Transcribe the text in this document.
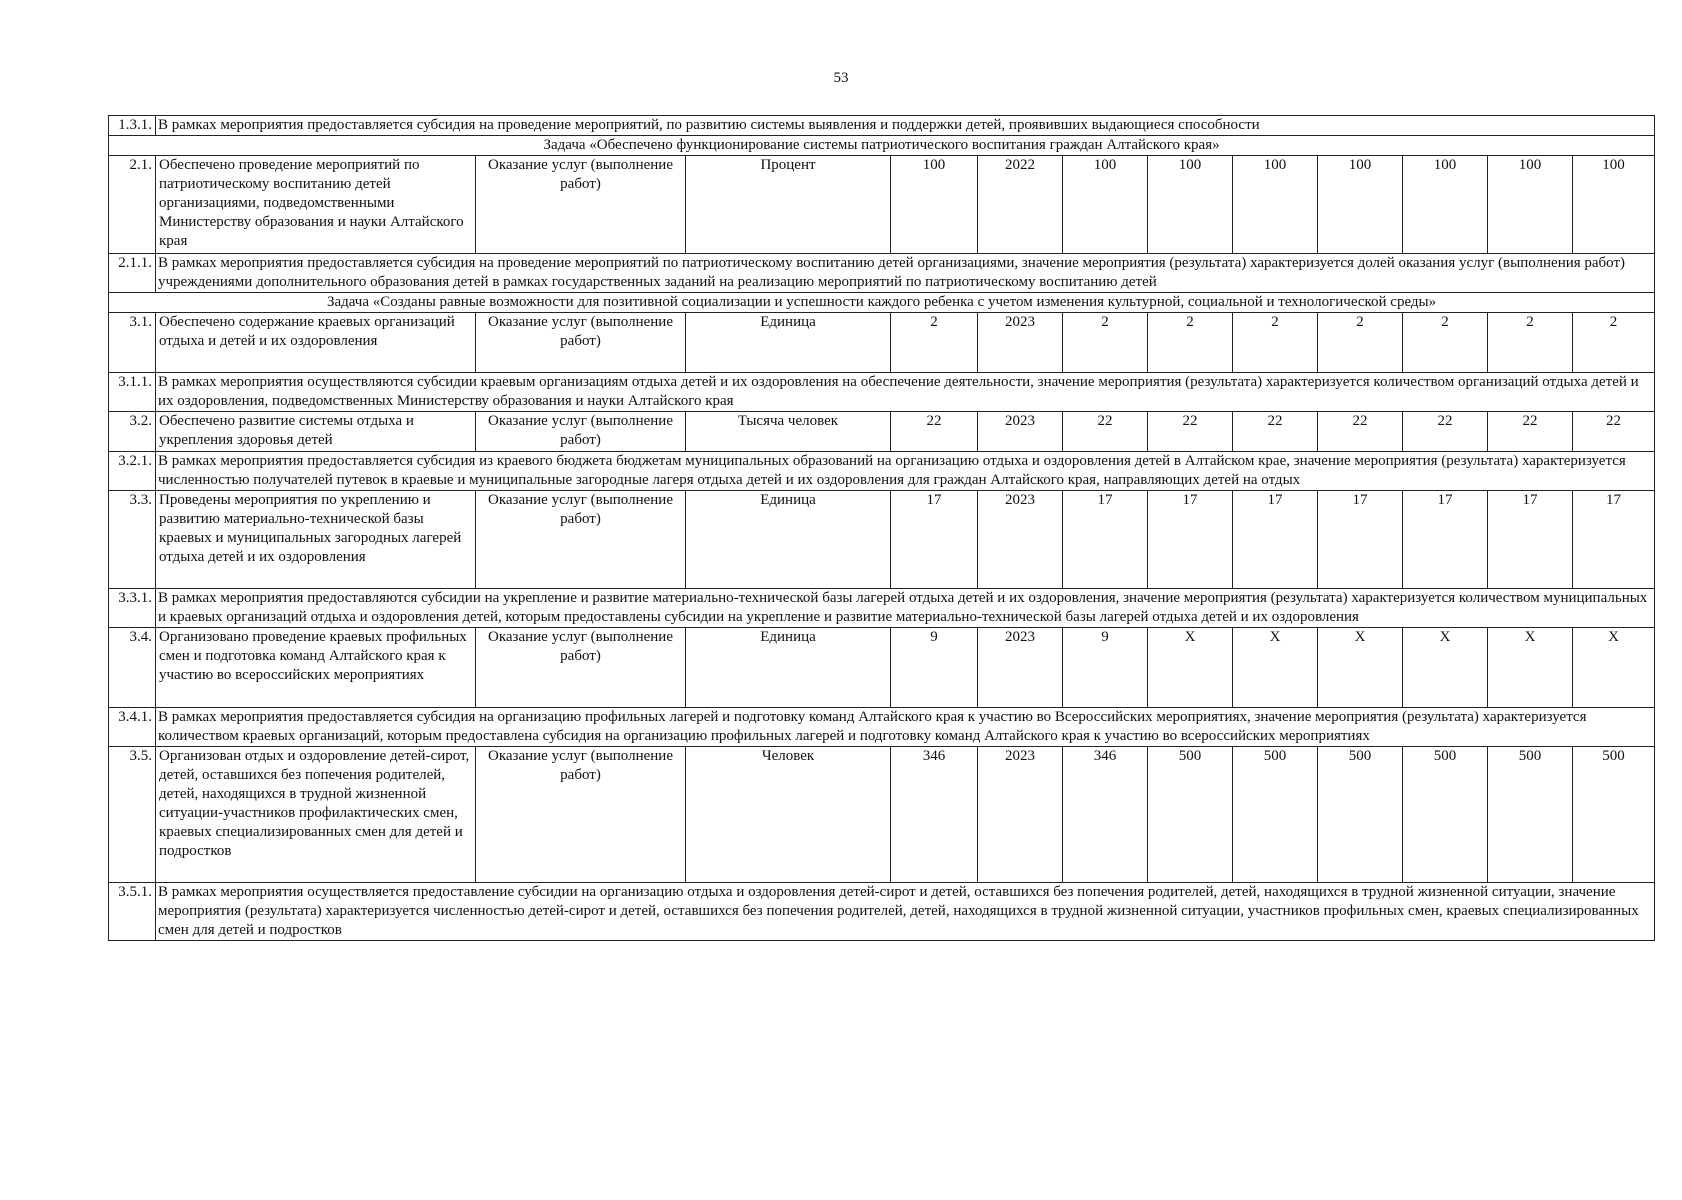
53
1.3.1.	В рамках мероприятия предоставляется субсидия на проведение мероприятий, по развитию системы выявления и поддержки детей, проявивших выдающиеся способности											
Задача «Обеспечено функционирование системы патриотического воспитания граждан Алтайского края»												
2.1.	Обеспечено проведение мероприятий по патриотическому воспитанию детей организациями, подведомственными Министерству образования и науки Алтайского края	Оказание услуг (выполнение работ)	Процент	100	2022	100	100	100	100	100	100	100
2.1.1.	В рамках мероприятия предоставляется субсидия на проведение мероприятий по патриотическому воспитанию детей организациями, значение мероприятия (результата) характеризуется долей оказания услуг (выполнения работ) учреждениями дополнительного образования детей в рамках государственных заданий на реализацию мероприятий по патриотическому воспитанию детей											
Задача «Созданы равные возможности для позитивной социализации и успешности каждого ребенка с учетом изменения культурной, социальной и технологической среды»												
3.1.	Обеспечено содержание краевых организаций отдыха и детей и их оздоровления	Оказание услуг (выполнение работ)	Единица	2	2023	2	2	2	2	2	2	2
3.1.1.	В рамках мероприятия осуществляются субсидии краевым организациям отдыха детей и их оздоровления на обеспечение деятельности, значение мероприятия (результата) характеризуется количеством организаций отдыха детей и их оздоровления, подведомственных Министерству образования и науки Алтайского края											
3.2.	Обеспечено развитие системы отдыха и укрепления здоровья детей	Оказание услуг (выполнение работ)	Тысяча человек	22	2023	22	22	22	22	22	22	22
3.2.1.	В рамках мероприятия предоставляется субсидия из краевого бюджета бюджетам муниципальных образований на организацию отдыха и оздоровления детей в Алтайском крае, значение мероприятия (результата) характеризуется численностью получателей путевок в краевые и муниципальные загородные лагеря отдыха детей и их оздоровления для граждан Алтайского края, направляющих детей на отдых											
3.3.	Проведены мероприятия по укреплению и развитию материально-технической базы краевых и муниципальных загородных лагерей отдыха детей и их оздоровления	Оказание услуг (выполнение работ)	Единица	17	2023	17	17	17	17	17	17	17
3.3.1.	В рамках мероприятия предоставляются субсидии на укрепление и развитие материально-технической базы лагерей отдыха детей и их оздоровления, значение мероприятия (результата) характеризуется количеством муниципальных и краевых организаций отдыха и оздоровления детей, которым предоставлены субсидии на укрепление и развитие материально-технической базы лагерей отдыха детей и их оздоровления											
3.4.	Организовано проведение краевых профильных смен и подготовка команд Алтайского края к участию во всероссийских мероприятиях	Оказание услуг (выполнение работ)	Единица	9	2023	9	X	X	X	X	X	X
3.4.1.	В рамках мероприятия предоставляется субсидия на организацию профильных лагерей и подготовку команд Алтайского края к участию во Всероссийских мероприятиях, значение мероприятия (результата) характеризуется количеством краевых организаций, которым предоставлена субсидия на организацию профильных лагерей и подготовку команд Алтайского края к участию во всероссийских мероприятиях											
3.5.	Организован отдых и оздоровление детей-сирот, детей, оставшихся без попечения родителей, детей, находящихся в трудной жизненной ситуации-участников профилактических смен, краевых специализированных смен для детей и подростков	Оказание услуг (выполнение работ)	Человек	346	2023	346	500	500	500	500	500	500
3.5.1.	В рамках мероприятия осуществляется предоставление субсидии на организацию отдыха и оздоровления детей-сирот и детей, оставшихся без попечения родителей, детей, находящихся в трудной жизненной ситуации, значение мероприятия (результата) характеризуется численностью детей-сирот и детей, оставшихся без попечения родителей, детей, находящихся в трудной жизненной ситуации, участников профильных смен, краевых специализированных смен для детей и подростков											
